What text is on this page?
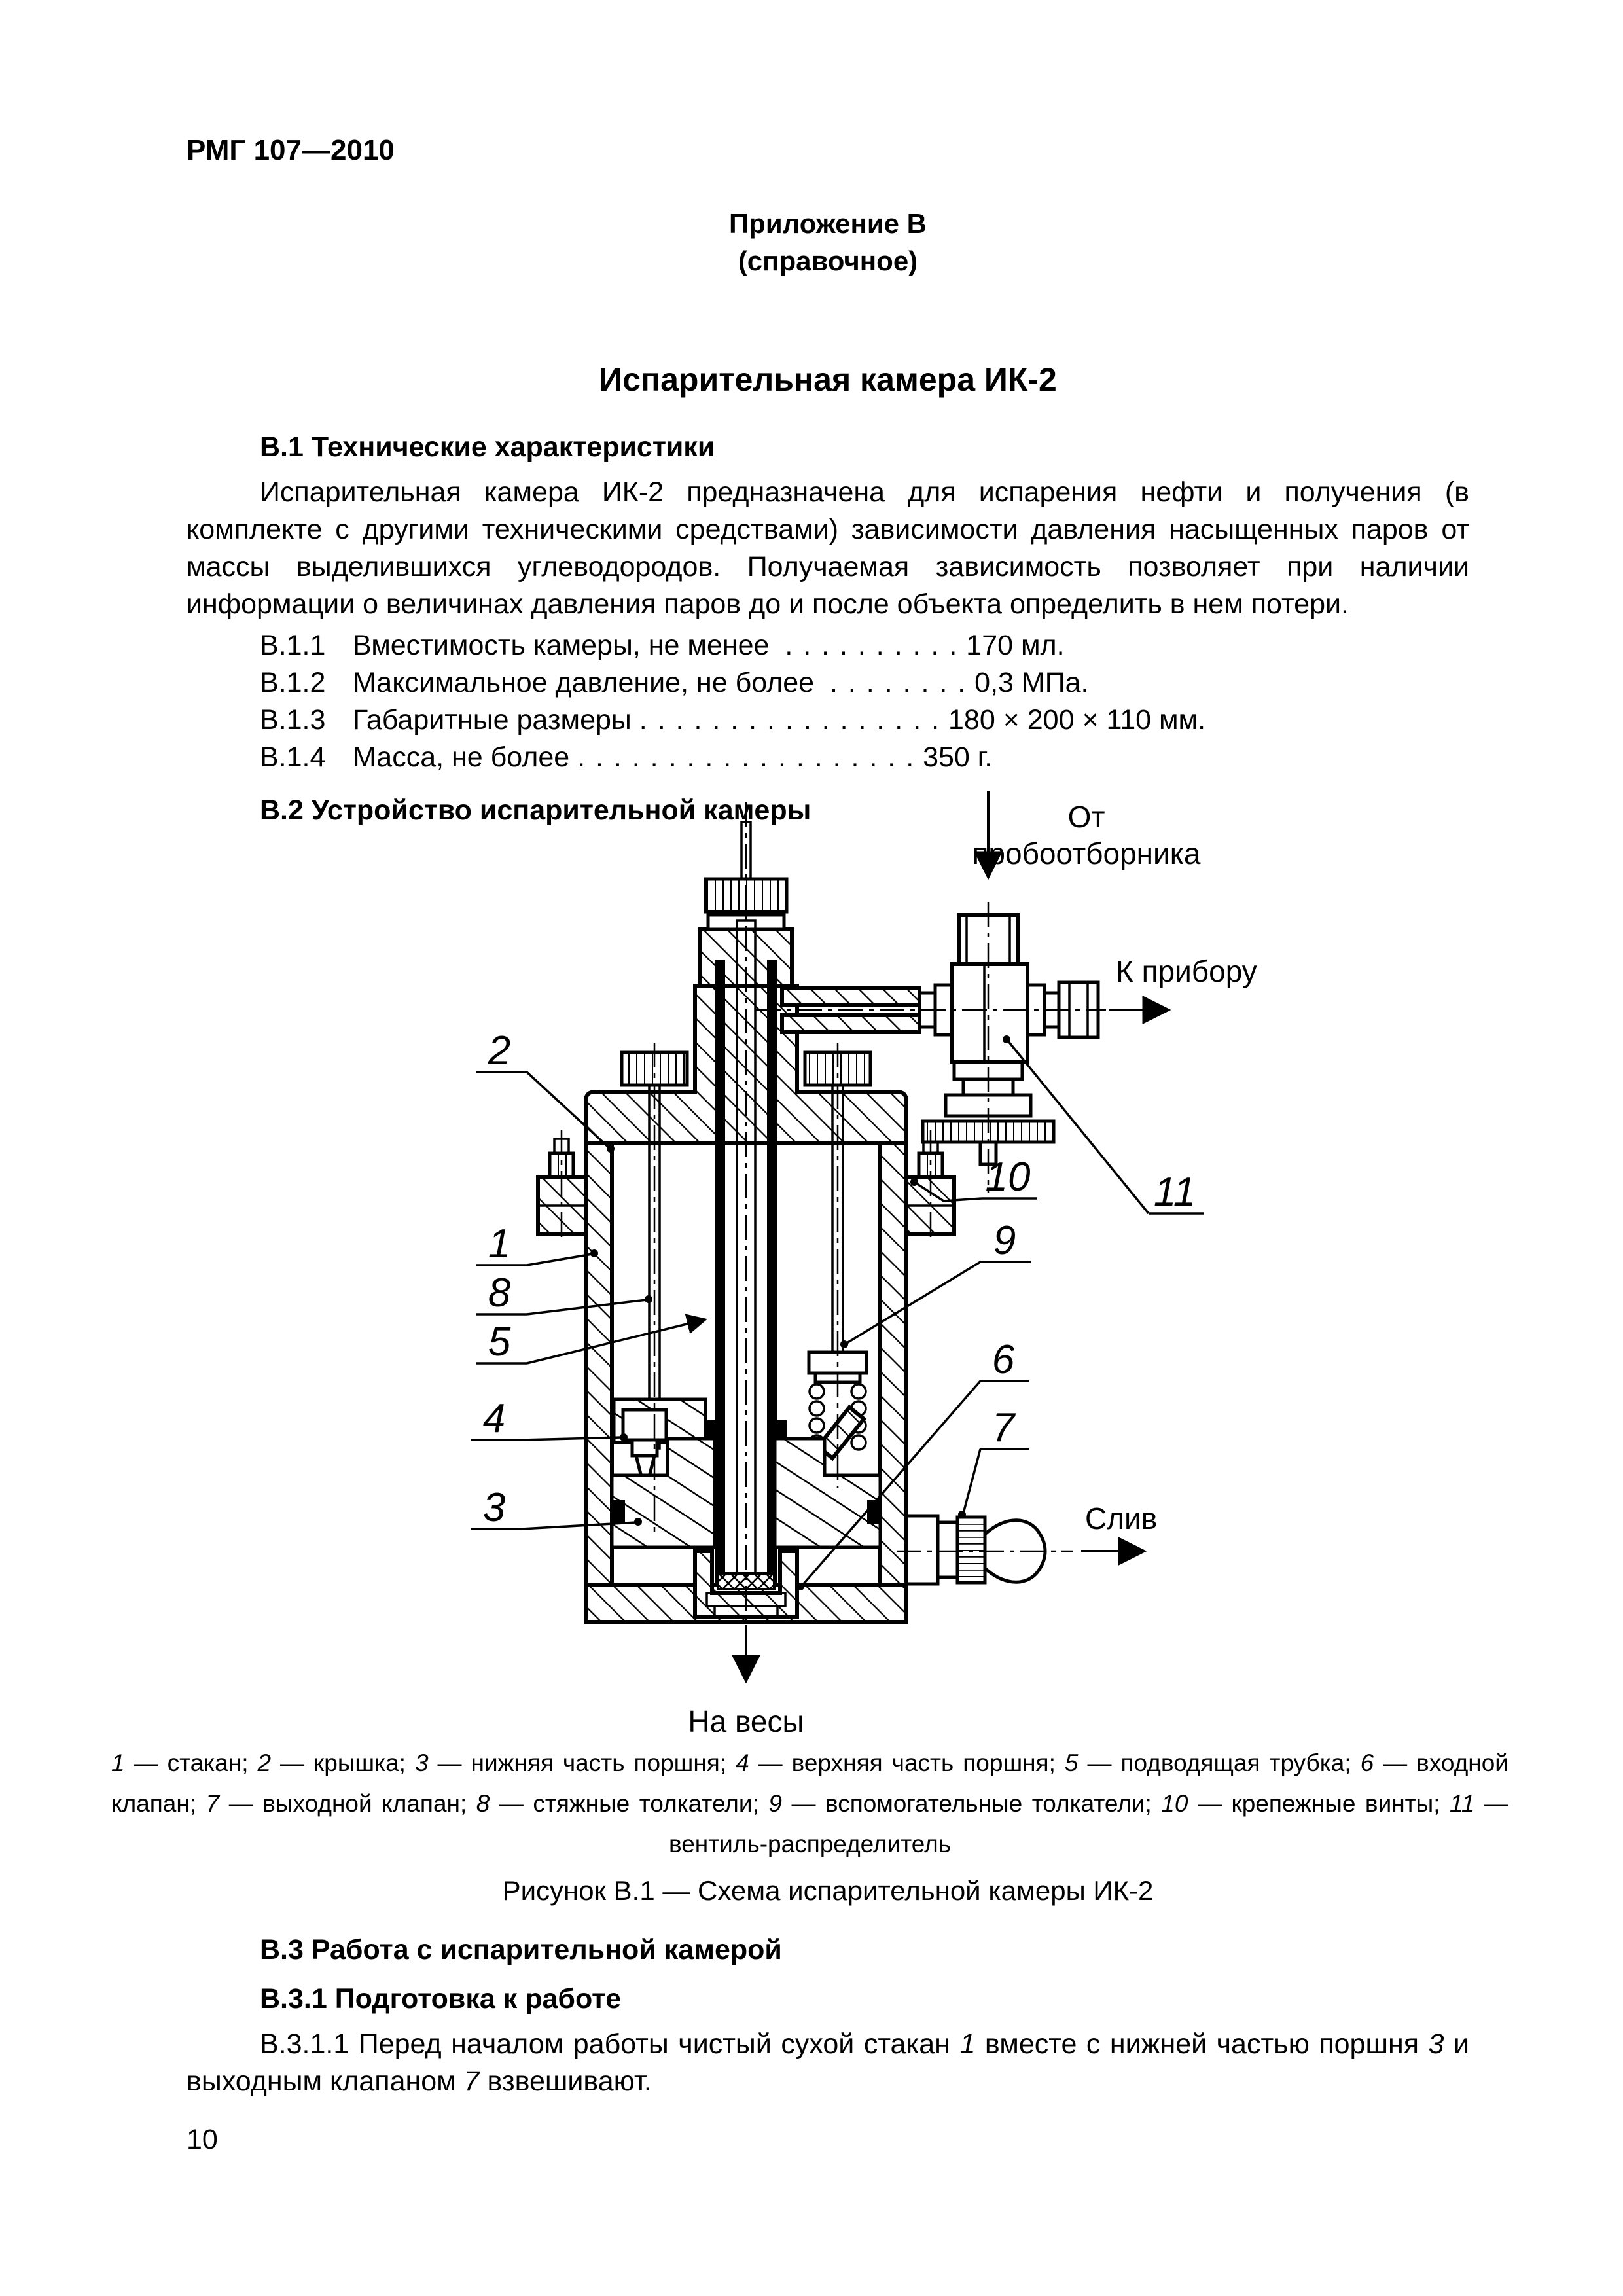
РМГ 107—2010
Приложение В
(справочное)
Испарительная камера ИК-2
В.1 Технические характеристики

Испарительная камера ИК-2 предназначена для испарения нефти и получения (в комплекте с другими техническими средствами) зависимости давления насыщенных паров от массы выделившихся углеводородов. Получаемая зависимость позволяет при наличии информации о величинах давления паров до и после объекта определить в нем потери.

В.1.1 Вместимость камеры, не менее . . . . . . . . . . 170 мл.
В.1.2 Максимальное давление, не более . . . . . . . . 0,3 МПа.
В.1.3 Габаритные размеры . . . . . . . . . . . . . . . . . 180 × 200 × 110 мм.
В.1.4 Масса, не более . . . . . . . . . . . . . . . . . . . 350 г.
В.2 Устройство испарительной камеры	От
пробоотборника
К прибору
Слив
На весы
2
1
8
5
4
3
10	11
9
6
7
1 — стакан; 2 — крышка; 3 — нижняя часть поршня; 4 — верхняя часть поршня; 5 — подводящая трубка; 6 — входной клапан; 7 — выходной клапан; 8 — стяжные толкатели; 9 — вспомогательные толкатели; 10 — крепежные винты; 11 — вентиль-распределитель
Рисунок В.1 — Схема испарительной камеры ИК-2
В.3 Работа с испарительной камерой
В.3.1 Подготовка к работе

В.3.1.1 Перед началом работы чистый сухой стакан 1 вместе с нижней частью поршня 3 и выходным клапаном 7 взвешивают.

10
